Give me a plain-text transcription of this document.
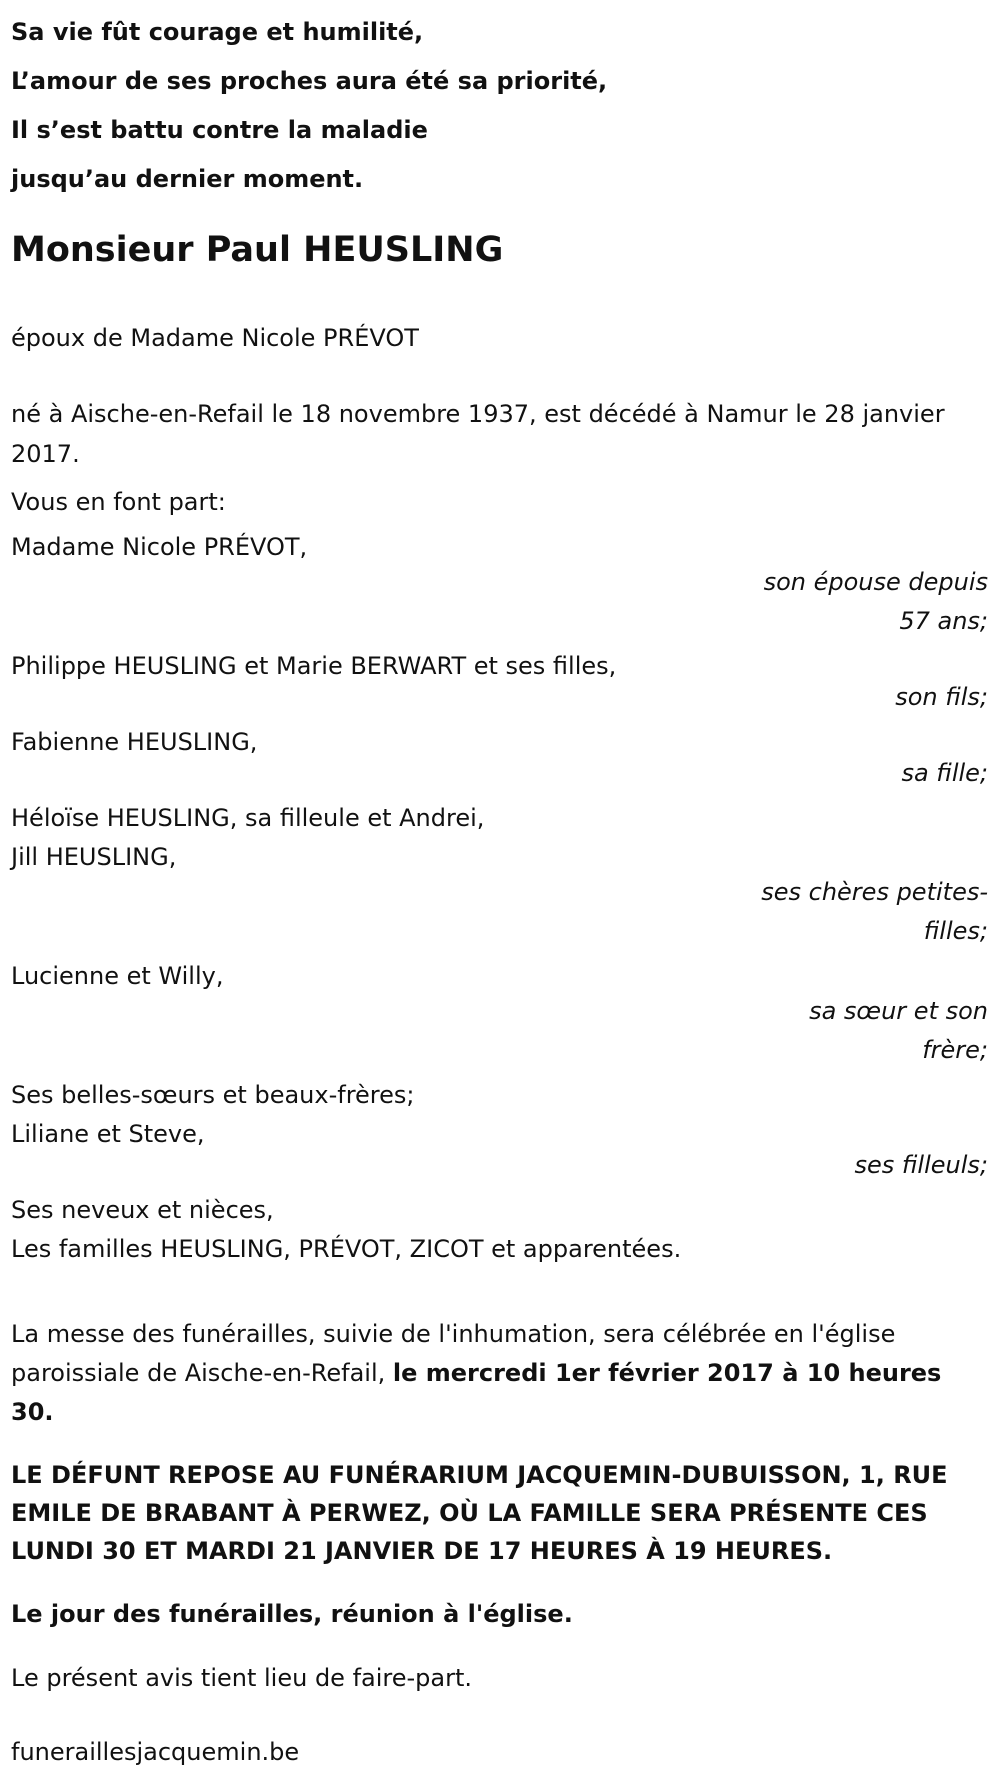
Sa vie fût courage et humilité,

L’amour de ses proches aura été sa priorité,

Il s’est battu contre la maladie

jusqu’au dernier moment.

Monsieur Paul HEUSLING

époux de Madame Nicole PRÉVOT

né à Aische-en-Refail le 18 novembre 1937, est décédé à Namur le 28 janvier 2017.

Vous en font part:

Madame Nicole PRÉVOT,

son épouse depuis 57 ans;

Philippe HEUSLING et Marie BERWART et ses filles,

son fils;

Fabienne HEUSLING,

sa fille;

Héloïse HEUSLING, sa filleule et Andrei,

Jill HEUSLING,

ses chères petites-filles;

Lucienne et Willy,

sa sœur et son frère;

Ses belles-sœurs et beaux-frères;

Liliane et Steve,

ses filleuls;

Ses neveux et nièces,

Les familles HEUSLING, PRÉVOT, ZICOT et apparentées.

La messe des funérailles, suivie de l'inhumation, sera célébrée en l'église paroissiale de Aische-en-Refail, le mercredi 1er février 2017 à 10 heures 30.

LE DÉFUNT REPOSE AU FUNÉRARIUM JACQUEMIN-DUBUISSON, 1, RUE EMILE DE BRABANT À PERWEZ, OÙ LA FAMILLE SERA PRÉSENTE CES LUNDI 30 ET MARDI 21 JANVIER DE 17 HEURES À 19 HEURES.

Le jour des funérailles, réunion à l'église.

Le présent avis tient lieu de faire-part.

funeraillesjacquemin.be
